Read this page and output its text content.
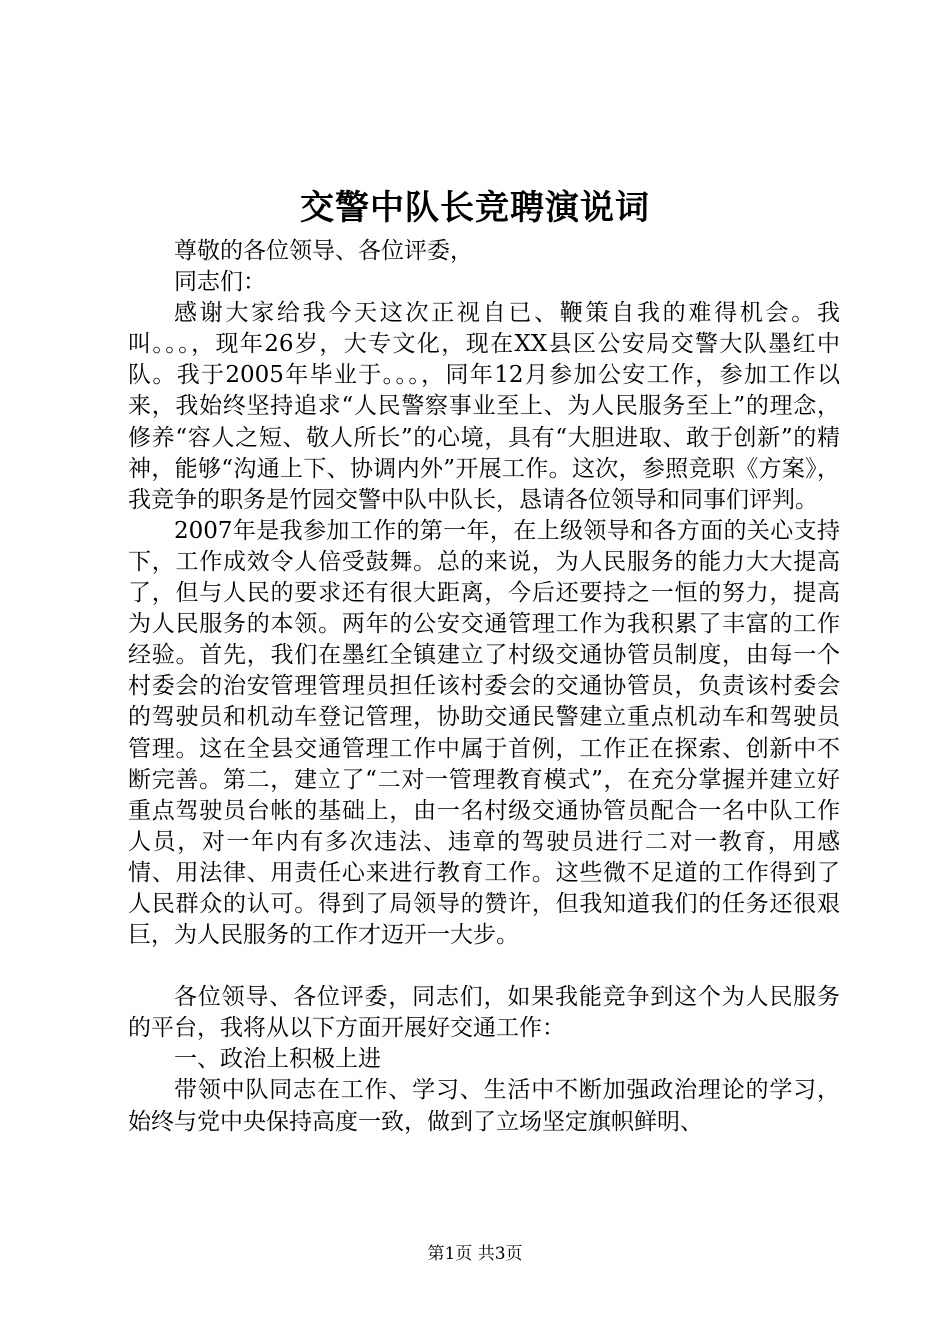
交警中队长竞聘演说词

尊敬的各位领导、各位评委，

同志们：

感谢大家给我今天这次正视自已、鞭策自我的难得机会。我叫。。。，现年26岁，大专文化，现在XX县区公安局交警大队墨红中队。我于2005年毕业于。。。，同年12月参加公安工作，参加工作以来，我始终坚持追求“人民警察事业至上、为人民服务至上”的理念，修养“容人之短、敬人所长”的心境，具有“大胆进取、敢于创新”的精神，能够“沟通上下、协调内外”开展工作。这次，参照竞职《方案》，我竞争的职务是竹园交警中队中队长，恳请各位领导和同事们评判。

2007年是我参加工作的第一年，在上级领导和各方面的关心支持下，工作成效令人倍受鼓舞。总的来说，为人民服务的能力大大提高了，但与人民的要求还有很大距离，今后还要持之一恒的努力，提高为人民服务的本领。两年的公安交通管理工作为我积累了丰富的工作经验。首先，我们在墨红全镇建立了村级交通协管员制度，由每一个村委会的治安管理管理员担任该村委会的交通协管员，负责该村委会的驾驶员和机动车登记管理，协助交通民警建立重点机动车和驾驶员管理。这在全县交通管理工作中属于首例，工作正在探索、创新中不断完善。第二，建立了“二对一管理教育模式”，在充分掌握并建立好重点驾驶员台帐的基础上，由一名村级交通协管员配合一名中队工作人员，对一年内有多次违法、违章的驾驶员进行二对一教育，用感情、用法律、用责任心来进行教育工作。这些微不足道的工作得到了人民群众的认可。得到了局领导的赞许，但我知道我们的任务还很艰巨，为人民服务的工作才迈开一大步。

各位领导、各位评委，同志们，如果我能竞争到这个为人民服务的平台，我将从以下方面开展好交通工作：

一、政治上积极上进

带领中队同志在工作、学习、生活中不断加强政治理论的学习，始终与党中央保持高度一致，做到了立场坚定旗帜鲜明、

第1页 共3页
